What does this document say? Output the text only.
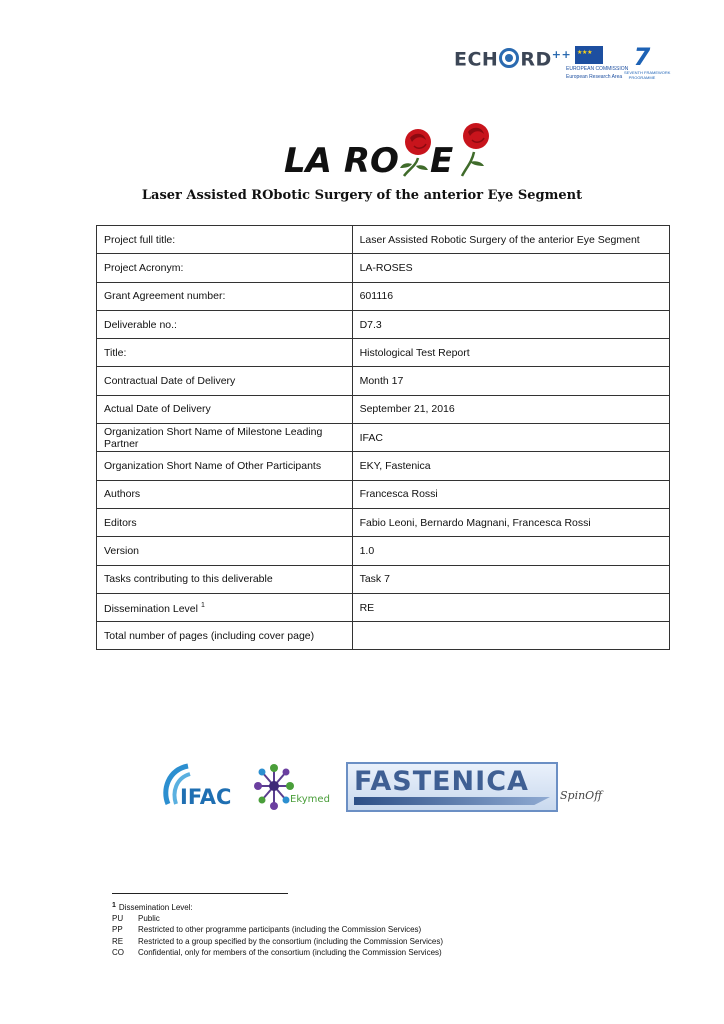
ECH RD++
★ ★ ★
EUROPEAN COMMISSION
European Research Area
7
SEVENTH FRAMEWORK
PROGRAMME
LA RO E
Laser Assisted RObotic Surgery of the anterior Eye Segment
Project full title:	Laser Assisted Robotic Surgery of the anterior Eye Segment
Project Acronym:	LA-ROSES
Grant Agreement number:	601116
Deliverable no.:	D7.3
Title:	Histological Test Report
Contractual Date of Delivery	Month 17
Actual Date of Delivery	September 21, 2016
Organization Short Name of Milestone Leading Partner	IFAC
Organization Short Name of Other Participants	EKY, Fastenica
Authors	Francesca Rossi
Editors	Fabio Leoni, Bernardo Magnani, Francesca Rossi
Version	1.0
Tasks contributing to this deliverable	Task 7
Dissemination Level $^1$	RE
Total number of pages (including cover page)	
IFAC	Ekymed
FASTENICA	SpinOff
$^1$ Dissemination Level:
PU Public
PP Restricted to other programme participants (including the Commission Services)
RE Restricted to a group specified by the consortium (including the Commission Services)
CO Confidential, only for members of the consortium (including the Commission Services)
